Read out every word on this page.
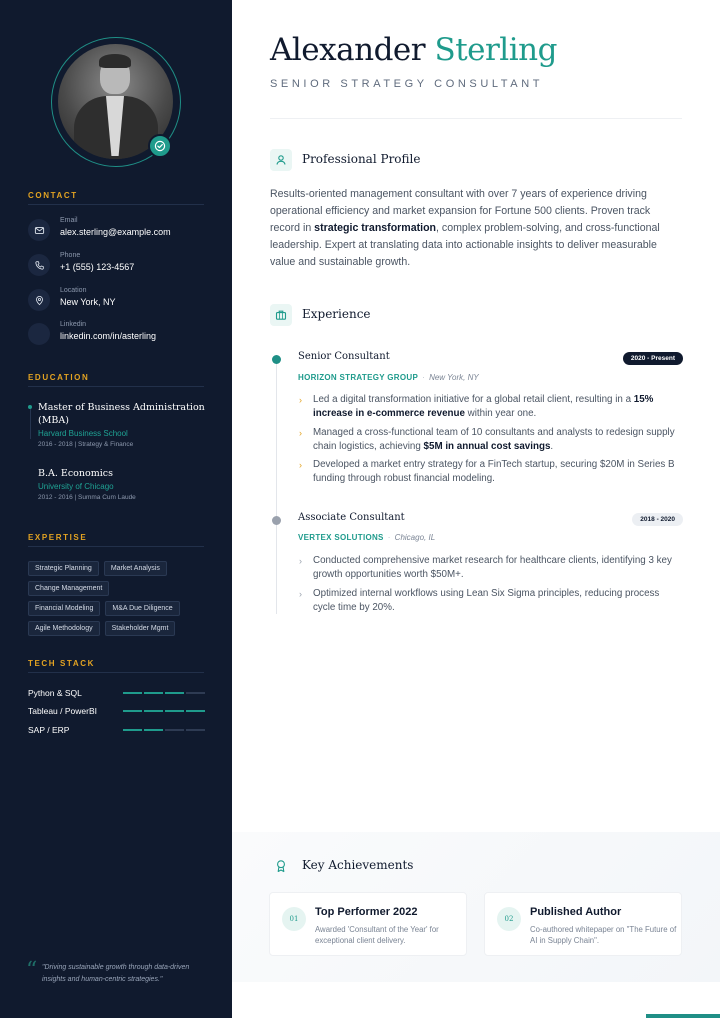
CONTACT
Email
alex.sterling@example.com
Phone
+1 (555) 123-4567
Location
New York, NY
Linkedin
linkedin.com/in/asterling
EDUCATION
Master of Business Administration (MBA)
Harvard Business School
2016 - 2018 | Strategy & Finance
B.A. Economics
University of Chicago
2012 - 2016 | Summa Cum Laude
EXPERTISE
Strategic Planning	Market Analysis
Change Management
Financial Modeling	M&A Due Diligence
Agile Methodology	Stakeholder Mgmt
TECH STACK
Python & SQL
Tableau / PowerBI
SAP / ERP
“ "Driving sustainable growth through data-driven insights and human-centric strategies."
Alexander Sterling
SENIOR STRATEGY CONSULTANT
Professional Profile
Results-oriented management consultant with over 7 years of experience driving operational efficiency and market expansion for Fortune 500 clients. Proven track record in strategic transformation, complex problem-solving, and cross-functional leadership. Expert at translating data into actionable insights to deliver measurable value and sustainable growth.
Experience
Senior Consultant	2020 - Present
HORIZON STRATEGY GROUP · New York, NY
› Led a digital transformation initiative for a global retail client, resulting in a 15% increase in e-commerce revenue within year one.
› Managed a cross-functional team of 10 consultants and analysts to redesign supply chain logistics, achieving $5M in annual cost savings.
› Developed a market entry strategy for a FinTech startup, securing $20M in Series B funding through robust financial modeling.
Associate Consultant	2018 - 2020
VERTEX SOLUTIONS · Chicago, IL
› Conducted comprehensive market research for healthcare clients, identifying 3 key growth opportunities worth $50M+.
› Optimized internal workflows using Lean Six Sigma principles, reducing process cycle time by 20%.
Key Achievements
01
Top Performer 2022
Awarded 'Consultant of the Year' for exceptional client delivery.
02
Published Author
Co-authored whitepaper on "The Future of AI in Supply Chain".
